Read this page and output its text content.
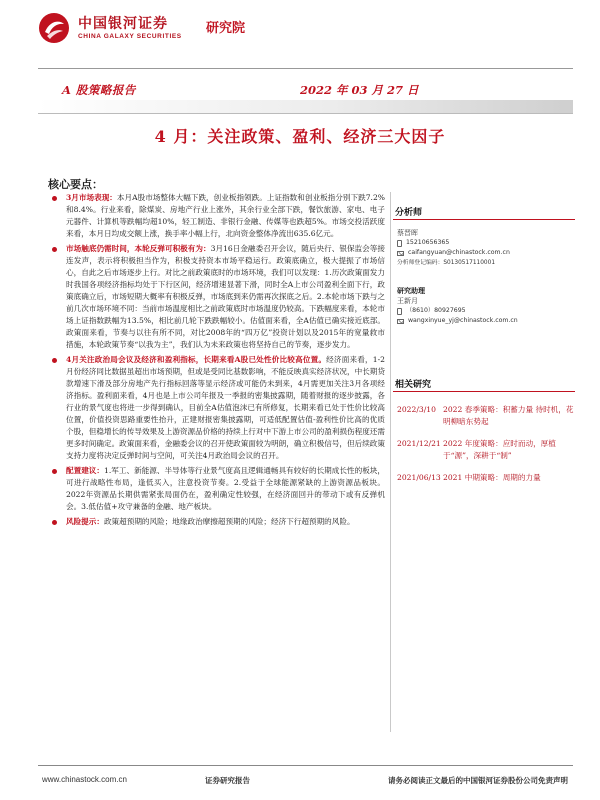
中国银河证券
CHINA GALAXY SECURITIES 研究院
A 股策略报告	2022 年 03 月 27 日
4 月：关注政策、盈利、经济三大因子
核心要点：
3月市场表现：本月A股市场整体大幅下跌，创业板指领跌。上证指数和创业板指分别下跌7.2%和8.4%。行业来看，除煤炭、房地产行业上涨外，其余行业全部下跌，餐饮旅游、家电、电子元器件、计算机等跌幅均超10%，轻工制造、非银行金融、传媒等也跌超5%。市场交投活跃度来看，本月日均成交额上涨，换手率小幅上行，北向资金整体净流出635.6亿元。
市场触底仍需时间，本轮反弹可积极有为：3月16日金融委召开会议，随后央行、银保监会等接连发声，表示将积极担当作为，积极支持资本市场平稳运行。政策底确立，极大提振了市场信心，自此之后市场逐步上行。对比之前政策底时的市场环境，我们可以发现：1.历次政策面发力时我国各项经济指标均处于下行区间，经济增速显著下滑，同时全A上市公司盈利全面下行，政策底确立后，市场短期大概率有积极反弹，市场底到来仍需再次探底之后。2.本轮市场下跌与之前几次市场环境不同：当前市场温度相比之前政策底时市场温度仍较高。下跌幅度来看，本轮市场上证指数跌幅为13.5%，相比前几轮下跌跌幅较小。估值面来看，全A估值已确实接近底部。政策面来看，节奏与以往有所不同，对比2008年的“四万亿”投资计划以及2015年的宽量救市措施，本轮政策节奏“以我为主”，我们认为未来政策也将坚持自己的节奏，逐步发力。
4月关注政治局会议及经济和盈利指标，长期来看A股已处性价比较高位置。经济面来看，1-2月份经济同比数据虽超出市场预期，但或是受同比基数影响，不能反映真实经济状况，中长期贷款增速下滑及部分房地产先行指标回落等显示经济或可能仍未到来，4月需更加关注3月各项经济指标。盈利面来看，4月也是上市公司年报及一季报的密集披露期，随着财报的逐步披露，各行业的景气度也将进一步得到确认，目前全A估值泡沫已有所修复，长期来看已处于性价比较高位置，价值投资思路重要性抬升，正建财报密集披露期，可适低配置估值-盈利性价比高的优质个股，但稳增长的传导效果及上游资源品价格的持续上行对中下游上市公司的盈利损伤程度还需更多时间确定。政策面来看，金融委会议的召开使政策面较为明朗，确立积极信号，但后续政策支持力度将决定反弹时间与空间，可关注4月政治局会议的召开。
配置建议：1.军工、新能源、半导体等行业景气度高且逻辑通畅具有较好的长期成长性的板块，可进行战略性布局，逢低买入，注意投资节奏。2.受益于全球能源紧缺的上游资源品板块。2022年资源品长期供需紧张局面仍在，盈利确定性较强，在经济面回升的带动下或有反弹机会。3.低估值+攻守兼备的金融、地产板块。
风险提示：政策超预期的风险；地缘政治摩擦超预期的风险；经济下行超预期的风险。
分析师
蔡晋晖
15210656365
caifangyuan@chinastock.com.cn
分析师登记编码：S0130517110001
研究助理
王新月
（8610）80927695
wangxinyue_yj@chinastock.com.cn
相关研究
2022/3/10 2022 春季策略：积蓄力量 待时机，花明柳暗东势起
2021/12/21 2022 年度策略：应时而动，厚植于“源”，深耕于“制”
2021/06/13 2021 中期策略：周期的力量
www.chinastock.com.cn	证券研究报告	请务必阅读正文最后的中国银河证券股份公司免责声明
